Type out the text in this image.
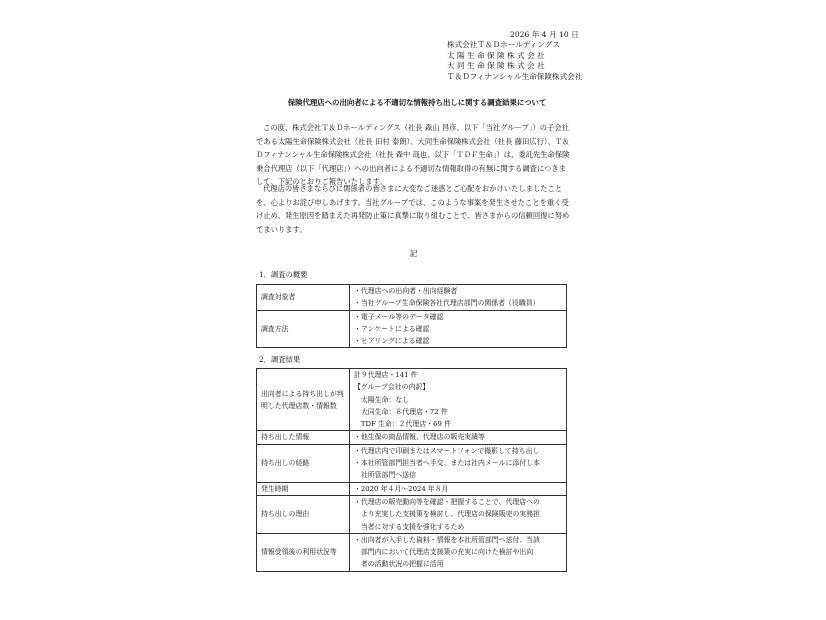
2026 年 4 月 10 日
株式会社Ｔ＆Ｄホールディングス
太 陽 生 命 保 険 株 式 会 社
大 同 生 命 保 険 株 式 会 社
Ｔ＆Ｄフィナンシャル生命保険株式会社
保険代理店への出向者による不適切な情報持ち出しに関する調査結果について
この度、株式会社Ｔ＆Ｄホールディングス（社長 森山 昌彦、以下「当社グループ」）の子会社である太陽生命保険株式会社（社長 田村 泰朗）、大同生命保険株式会社（社長 藤田広行）、Ｔ＆Ｄフィナンシャル生命保険株式会社（社長 森中 哉也、以下「ＴＤＦ生命」）は、委託先生命保険乗合代理店（以下「代理店」）への出向者による不適切な情報取得の有無に関する調査につきまして、下記のとおりご報告いたします。
代理店の皆さまならびに関係者の皆さまに大変なご迷惑とご心配をおかけいたしましたことを、心よりお詫び申しあげます。当社グループでは、このような事案を発生させたことを重く受け止め、発生原因を踏まえた再発防止策に真摯に取り組むことで、皆さまからの信頼回復に努めてまいります。
記
1．調査の概要
調査対象者	・代理店への出向者・出向経験者
・当社グループ生命保険各社代理店部門の関係者（役職員）

調査方法	・電子メール等のデータ確認
・アンケートによる確認
・ヒアリングによる確認
2．調査結果
出向者による持ち出しが判明した代理店数・情報数	計９代理店・141 件
【グループ会社の内訳】
　太陽生命：なし
　大同生命：８代理店・72 件
　TDF 生命：２代理店・69 件

持ち出した情報	・他生保の商品情報、代理店の販売実績等

持ち出しの経路	・代理店内で印刷またはスマートフォンで撮影して持ち出し
・本社所管部門担当者へ手交、または社内メールに添付し本
　社所管部門へ送信

発生時期	・2020 年４月～2024 年８月

持ち出しの理由	・代理店の販売動向等を確認・把握することで、代理店への
　より充実した支援策を検討し、代理店の保険販売の実務担
　当者に対する支援を強化するため

情報受領後の利用状況等	・出向者が入手した資料・情報を本社所管部門へ送付、当該
　部門内において代理店支援策の充実に向けた検討や出向
　者の活動状況の把握に活用
